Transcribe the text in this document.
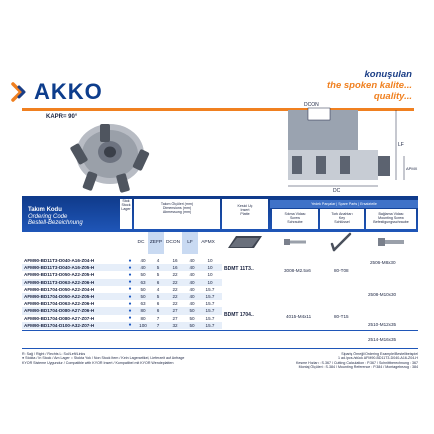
AKKO
konuşulan
the spoken kalite...
quality...
KAPR= 90°
DC
DCON
LF
APMX
Yedek Parçalar | Spare Parts | Ersatzteile
Takım Kodu
Ordering Code
Bestell-Bezeichnung
Stok
Stock
Lager
Takım Ölçüleri (mm)
Dimensions (mm)
Abmessung (mm)
Kesici Uç
Insert
Platte	Sıkma Vidası
Screw
Schraube
Tork Anahtarı
Key
Schlüssel
Bağlama Vidası
Mounting Screw
Befestigungsschraube
DC	ZEFP DCON	LF	APMX
AFM90-BD11T3-D040-A16-Z04-H	●	40	4	16	40	10
AFM90-BD11T3-D040-A16-Z05-H	●	40	5	16	40	10
AFM90-BD11T3-D050-A22-Z05-H	●	50	5	22	40	10
AFM90-BD11T3-D063-A22-Z06-H	●	63	6	22	40	10
AFM90-BD1704-D050-A22-Z04-H	●	50	4	22	40	15.7
AFM90-BD1704-D050-A22-Z05-H	●	50	5	22	40	15.7
AFM90-BD1704-D063-A22-Z06-H	●	63	6	22	40	15.7
AFM90-BD1704-D080-A27-Z06-H	●	80	6	27	50	15.7
AFM90-BD1704-D080-A27-Z07-H	●	80	7	27	50	15.7
AFM90-BD1704-D100-A32-Z07-H	●	100	7	32	50	15.7
BDMT 11T3..
BDMT 1704..
3008-M2.5x6
4015-M4x11
80-T08
80-T15
2506-M8x30
2508-M10x30
2510-M12x35
2514-M16x35
R: Sağ / Right / Rechts L: Sol/Left/Links
● Stokta / In Stock / Am Lager ○ Stokta Yok / Non Stock Item / Kein Lagerartikel, Lieferzeit auf Anfrage
KYOR Sisteme Uygundur / Compatible with KYOR Insert / Kompatibel mit KYOR Wendeplatten
Sipariş Örneği/Ordering Example/Bestellbeispiel
1 ad./pcs./stück AFM90-BD11T3-D040-A16-Z04-H
Kesme Hızları : S.367 / Cutting Calculation : P.367 / Schnittberechnung : 367
Montaj Ölçüleri : S.384 / Mounting Reference : P.384 / Montagebezug : 384
